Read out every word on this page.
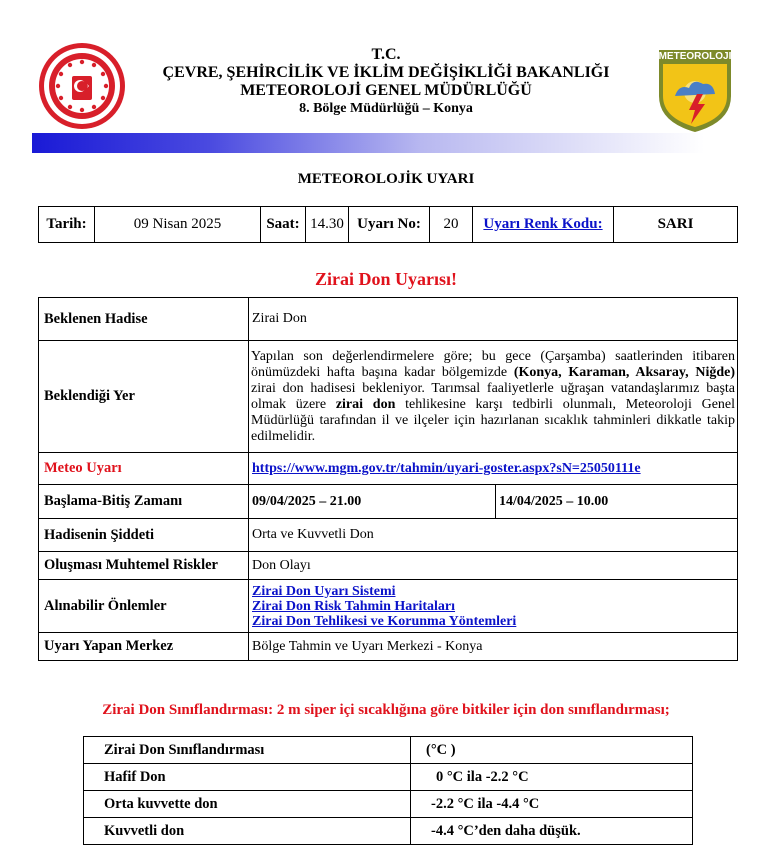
T.C.
ÇEVRE, ŞEHİRCİLİK VE İKLİM DEĞİŞİKLİĞİ BAKANLIĞI
METEOROLOJİ GENEL MÜDÜRLÜĞÜ
8. Bölge Müdürlüğü – Konya
METEOROLOJI
METEOROLOJİK UYARI
Tarih:	09 Nisan 2025	Saat:	14.30	Uyarı No:	20	Uyarı Renk Kodu:	SARI
Zirai Don Uyarısı!
Beklenen Hadise	Zirai Don	
Beklendiği Yer	Yapılan son değerlendirmelere göre; bu gece (Çarşamba) saatlerinden itibaren önümüzdeki hafta başına kadar bölgemizde (Konya, Karaman, Aksaray, Niğde) zirai don hadisesi bekleniyor. Tarımsal faaliyetlerle uğraşan vatandaşlarımız başta olmak üzere zirai don tehlikesine karşı tedbirli olunmalı, Meteoroloji Genel Müdürlüğü tarafından il ve ilçeler için hazırlanan sıcaklık tahminleri dikkatle takip edilmelidir.	
Meteo Uyarı	https://www.mgm.gov.tr/tahmin/uyari-goster.aspx?sN=25050111e	
Başlama-Bitiş Zamanı	09/04/2025 – 21.00	14/04/2025 – 10.00
Hadisenin Şiddeti	Orta ve Kuvvetli Don	
Oluşması Muhtemel Riskler	Don Olayı	
Alınabilir Önlemler	Zirai Don Uyarı Sistemi
Zirai Don Risk Tahmin Haritaları
Zirai Don Tehlikesi ve Korunma Yöntemleri	
Uyarı Yapan Merkez	Bölge Tahmin ve Uyarı Merkezi - Konya	
Zirai Don Sınıflandırması: 2 m siper içi sıcaklığına göre bitkiler için don sınıflandırması;
Zirai Don Sınıflandırması	(°C )
Hafif Don	0 °C ila -2.2 °C
Orta kuvvette don	-2.2 °C ila -4.4 °C
Kuvvetli don	-4.4 °C’den daha düşük.
